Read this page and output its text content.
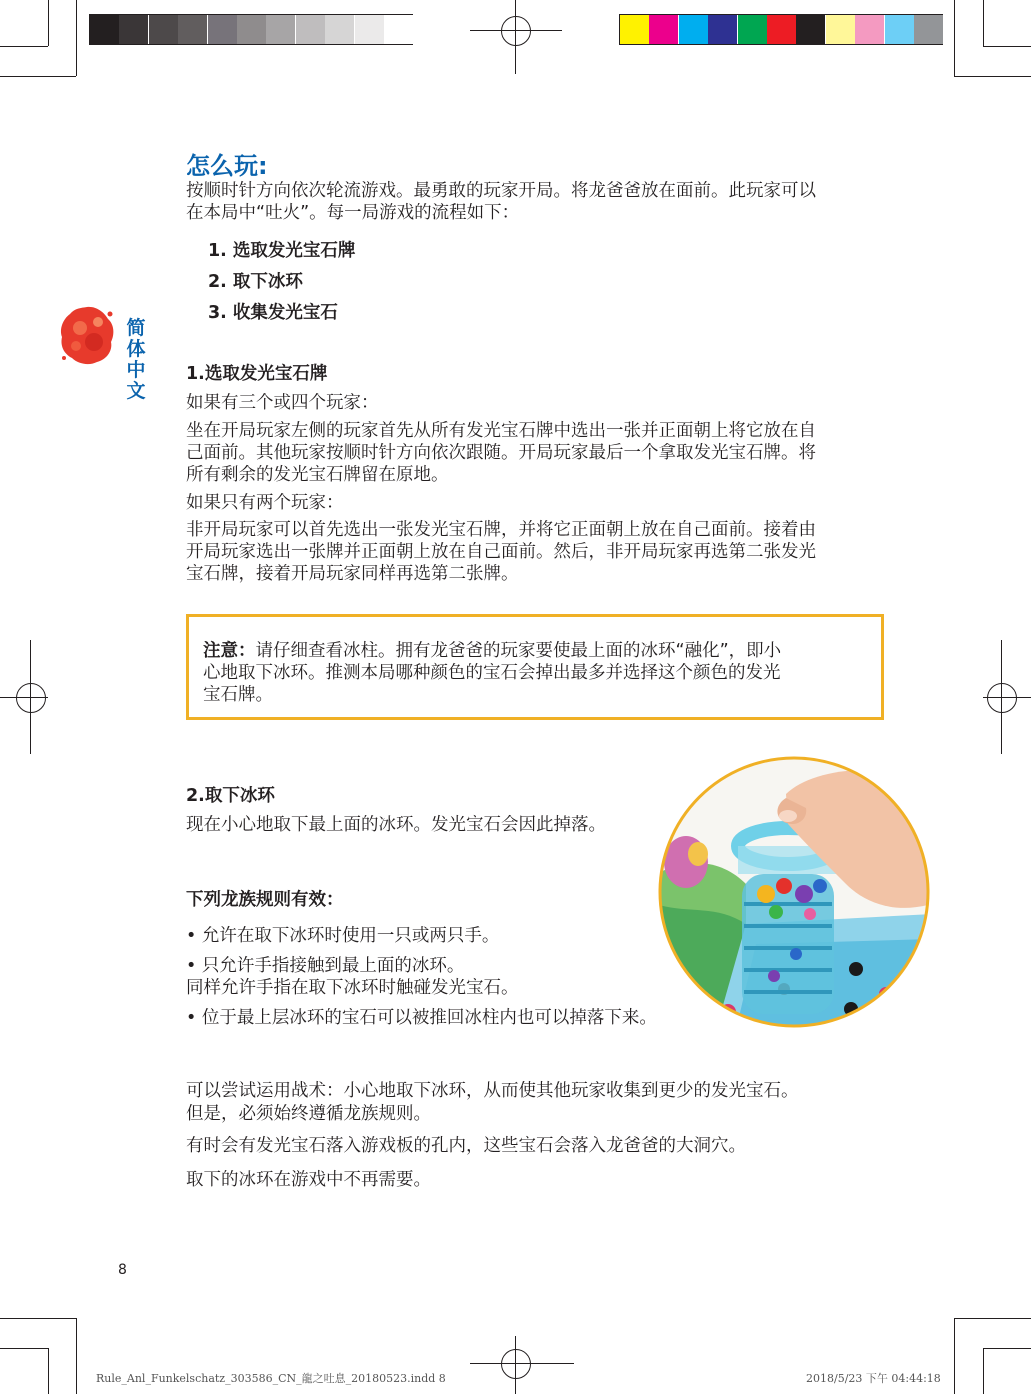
简
体
中
文
怎么玩:
按顺时针方向依次轮流游戏。最勇敢的玩家开局。将龙爸爸放在面前。此玩家可以
在本局中“吐火”。每一局游戏的流程如下：
1. 选取发光宝石牌
2. 取下冰环
3. 收集发光宝石
1.选取发光宝石牌
如果有三个或四个玩家：
坐在开局玩家左侧的玩家首先从所有发光宝石牌中选出一张并正面朝上将它放在自
己面前。其他玩家按顺时针方向依次跟随。开局玩家最后一个拿取发光宝石牌。将
所有剩余的发光宝石牌留在原地。
如果只有两个玩家：
非开局玩家可以首先选出一张发光宝石牌，并将它正面朝上放在自己面前。接着由
开局玩家选出一张牌并正面朝上放在自己面前。然后，非开局玩家再选第二张发光
宝石牌，接着开局玩家同样再选第二张牌。
注意：请仔细查看冰柱。拥有龙爸爸的玩家要使最上面的冰环“融化”，即小
心地取下冰环。推测本局哪种颜色的宝石会掉出最多并选择这个颜色的发光
宝石牌。
2.取下冰环
现在小心地取下最上面的冰环。发光宝石会因此掉落。
下列龙族规则有效：
• 允许在取下冰环时使用一只或两只手。
• 只允许手指接触到最上面的冰环。
同样允许手指在取下冰环时触碰发光宝石。
• 位于最上层冰环的宝石可以被推回冰柱内也可以掉落下来。
可以尝试运用战术：小心地取下冰环，从而使其他玩家收集到更少的发光宝石。
但是，必须始终遵循龙族规则。
有时会有发光宝石落入游戏板的孔内，这些宝石会落入龙爸爸的大洞穴。
取下的冰环在游戏中不再需要。
8
Rule_Anl_Funkelschatz_303586_CN_龍之吐息_20180523.indd 8	2018/5/23 下午 04:44:18
